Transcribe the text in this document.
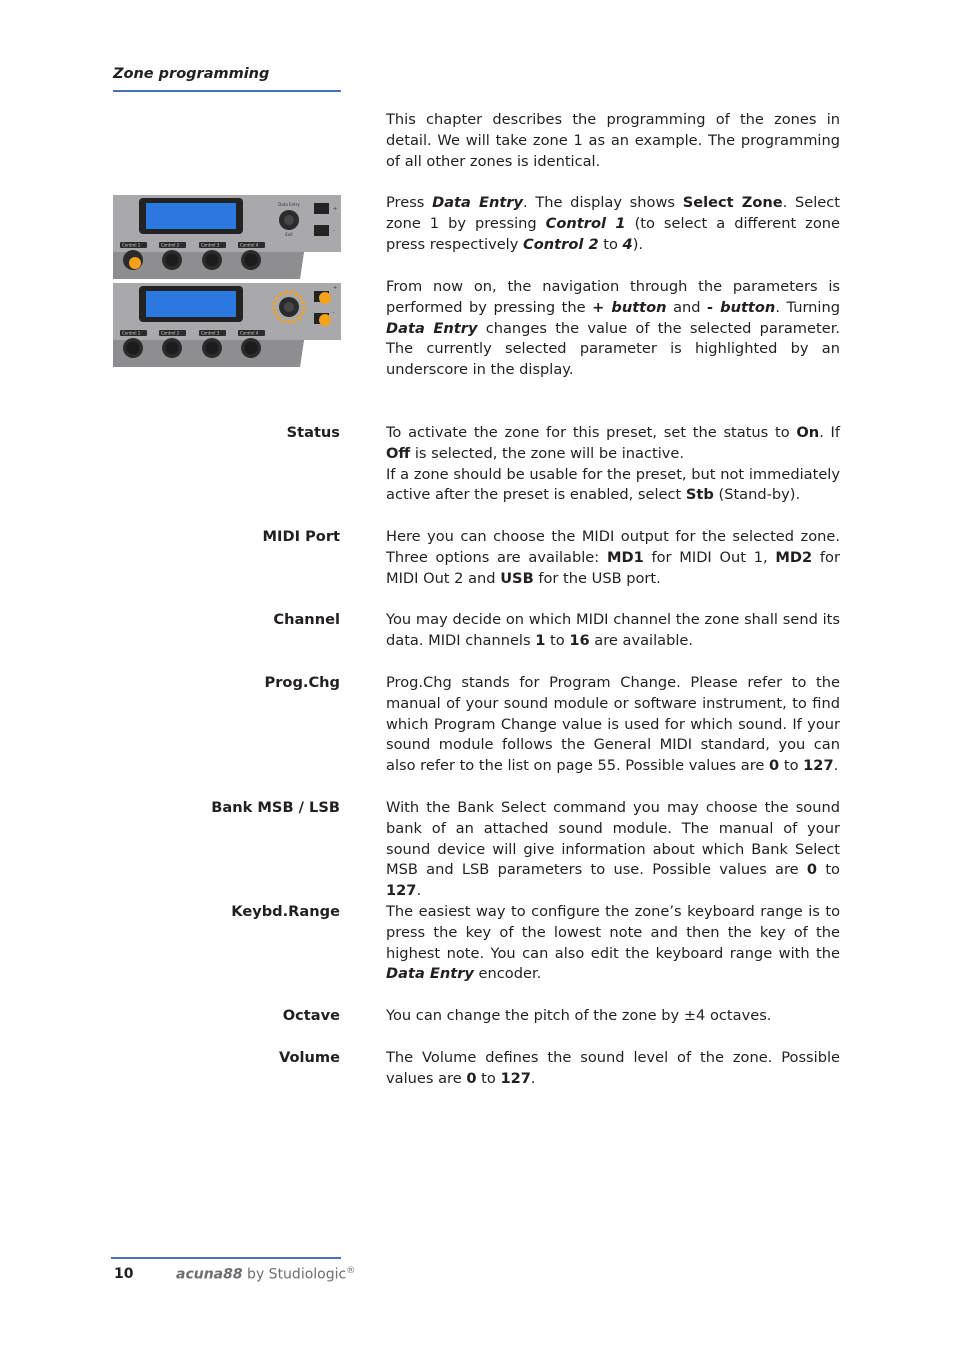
Zone programming
This chapter describes the programming of the zones in detail. We will take zone 1 as an example. The programming of all other zones is identical.
Press Data Entry. The display shows Select Zone. Select zone 1 by pressing Control 1 (to select a different zone press respectively Control 2 to 4).
From now on, the navigation through the parameters is performed by pressing the + button and - button. Turning Data Entry changes the value of the selected parameter. The currently selected parameter is highlighted by an underscore in the display.
Data Entry
Exit
+
-
Control 1	Control 2	Control 3	Control 4
+
-
Control 1	Control 2	Control 3	Control 4
Status	To activate the zone for this preset, set the status to On. If Off is selected, the zone will be inactive.
If a zone should be usable for the preset, but not immediately active after the preset is enabled, select Stb (Stand-by).
MIDI Port	Here you can choose the MIDI output for the selected zone. Three options are available: MD1 for MIDI Out 1, MD2 for MIDI Out 2 and USB for the USB port.
Channel	You may decide on which MIDI channel the zone shall send its data. MIDI channels 1 to 16 are available.
Prog.Chg	Prog.Chg stands for Program Change. Please refer to the manual of your sound module or software instrument, to find which Program Change value is used for which sound. If your sound module follows the General MIDI standard, you can also refer to the list on page 55. Possible values are 0 to 127.
Bank MSB / LSB	With the Bank Select command you may choose the sound bank of an attached sound module. The manual of your sound device will give information about which Bank Select MSB and LSB parameters to use. Possible values are 0 to 127.
Keybd.Range	The easiest way to configure the zone’s keyboard range is to press the key of the lowest note and then the key of the highest note. You can also edit the keyboard range with the Data Entry encoder.
Octave	You can change the pitch of the zone by ±4 octaves.
Volume	The Volume defines the sound level of the zone. Possible values are 0 to 127.
10	acuna88 by Studiologic®
